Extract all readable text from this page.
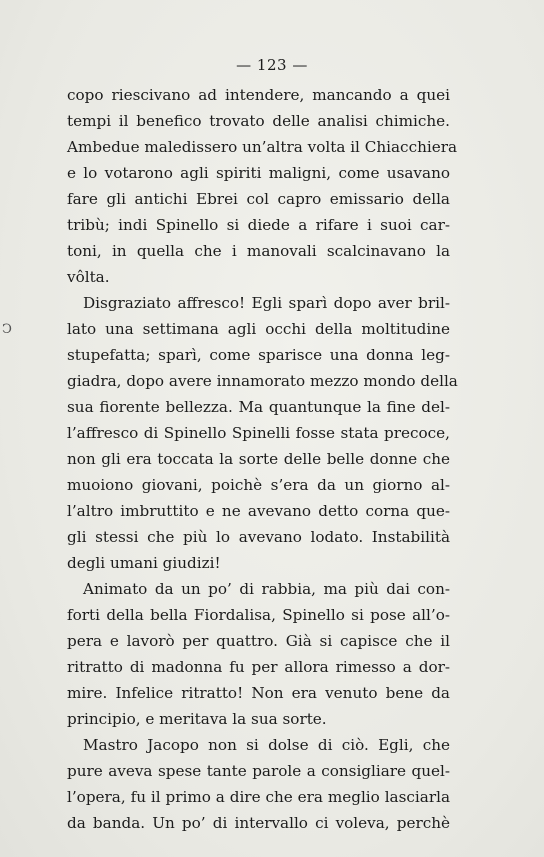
— 123 —
Ↄ
copo riescivano ad intendere, mancando a quei
tempi il benefico trovato delle analisi chimiche.
Ambedue maledissero un’altra volta il Chiacchiera
e lo votarono agli spiriti maligni, come usavano
fare gli antichi Ebrei col capro emissario della
tribù; indi Spinello si diede a rifare i suoi car-
toni, in quella che i manovali scalcinavano la
vôlta.
Disgraziato affresco! Egli sparì dopo aver bril-
lato una settimana agli occhi della moltitudine
stupefatta; sparì, come sparisce una donna leg-
giadra, dopo avere innamorato mezzo mondo della
sua fiorente bellezza. Ma quantunque la fine del-
l’affresco di Spinello Spinelli fosse stata precoce,
non gli era toccata la sorte delle belle donne che
muoiono giovani, poichè s’era da un giorno al-
l’altro imbruttito e ne avevano detto corna que-
gli stessi che più lo avevano lodato. Instabilità
degli umani giudizi!
Animato da un po’ di rabbia, ma più dai con-
forti della bella Fiordalisa, Spinello si pose all’o-
pera e lavorò per quattro. Già si capisce che il
ritratto di madonna fu per allora rimesso a dor-
mire. Infelice ritratto! Non era venuto bene da
principio, e meritava la sua sorte.
Mastro Jacopo non si dolse di ciò. Egli, che
pure aveva spese tante parole a consigliare quel-
l’opera, fu il primo a dire che era meglio lasciarla
da banda. Un po’ di intervallo ci voleva, perchè
